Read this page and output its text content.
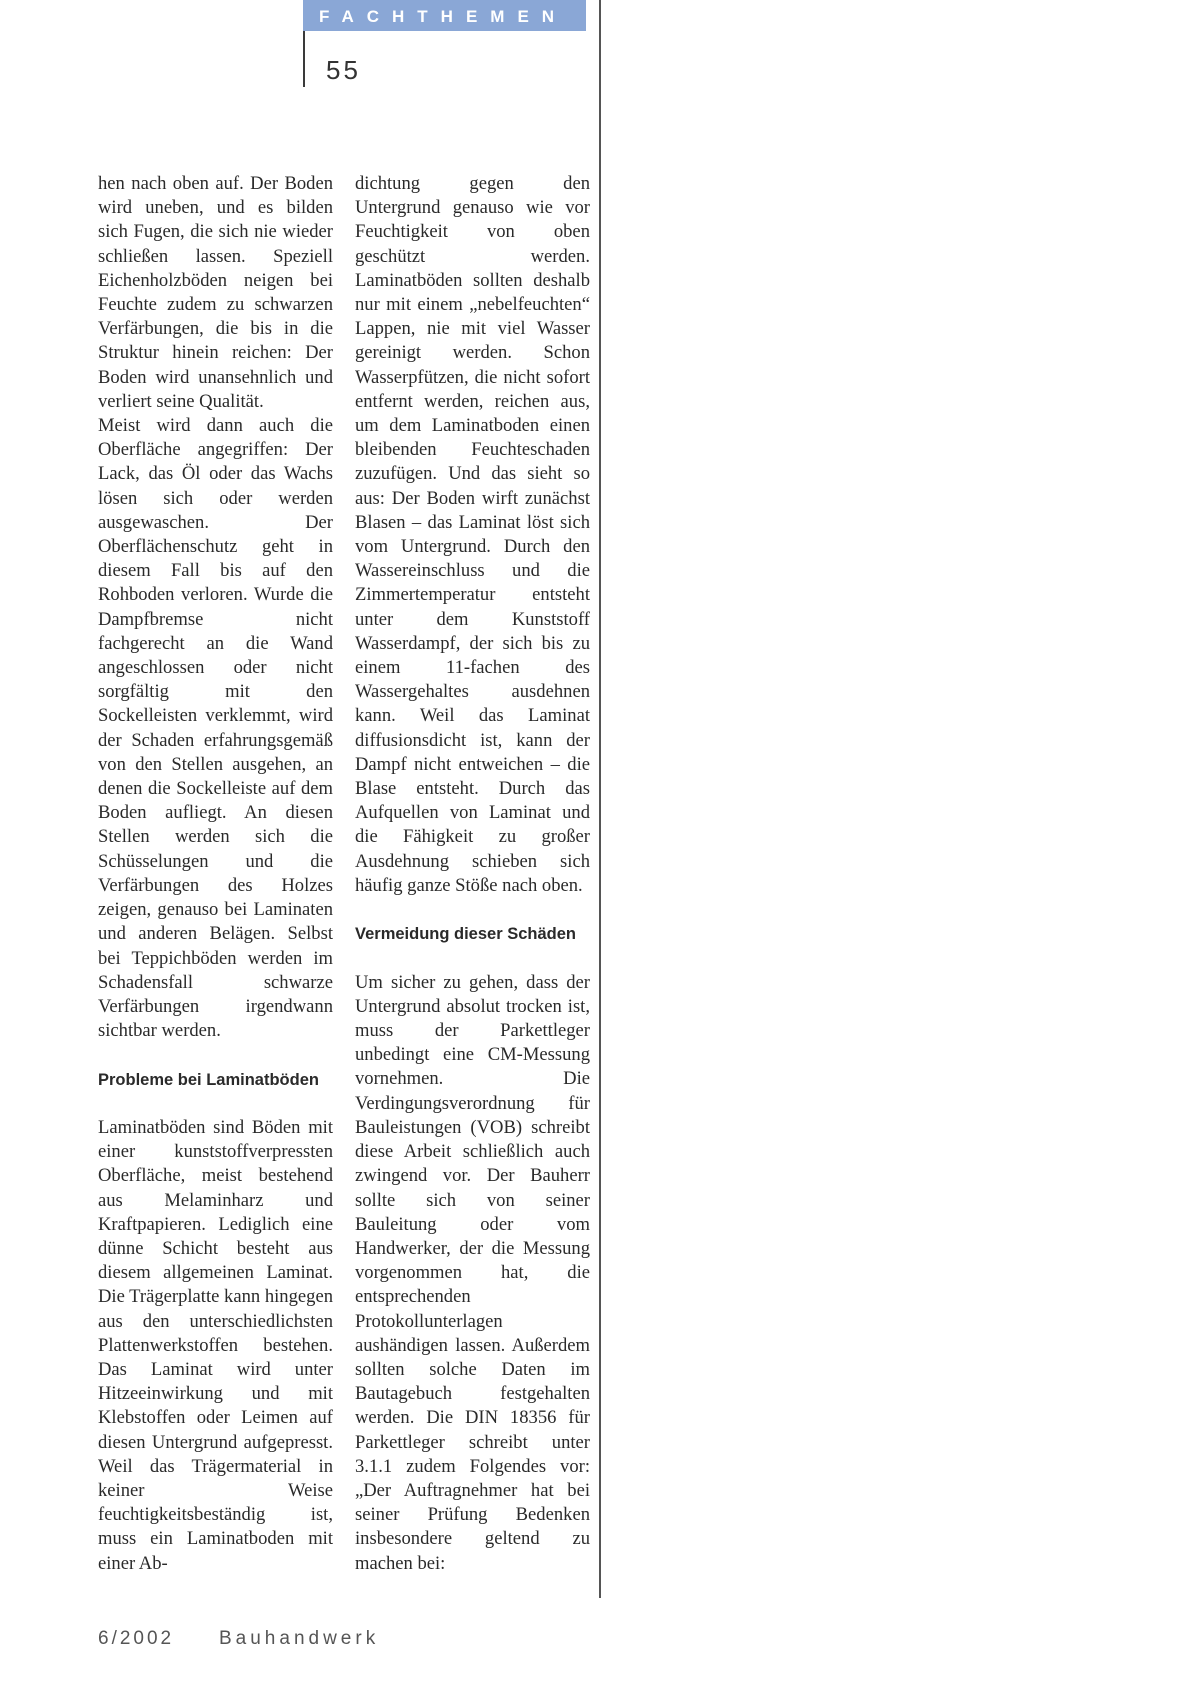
FACHTHEMEN
55

hen nach oben auf. Der Boden wird uneben, und es bilden sich Fugen, die sich nie wieder schließen lassen. Speziell Eichenholzböden neigen bei Feuchte zudem zu schwarzen Verfärbungen, die bis in die Struktur hinein reichen: Der Boden wird unansehnlich und verliert seine Qualität.

Meist wird dann auch die Oberfläche angegriffen: Der Lack, das Öl oder das Wachs lösen sich oder werden ausgewaschen. Der Oberflächenschutz geht in diesem Fall bis auf den Rohboden verloren. Wurde die Dampfbremse nicht fachgerecht an die Wand angeschlossen oder nicht sorgfältig mit den Sockelleisten verklemmt, wird der Schaden erfahrungsgemäß von den Stellen ausgehen, an denen die Sockelleiste auf dem Boden aufliegt. An diesen Stellen werden sich die Schüsselungen und die Verfärbungen des Holzes zeigen, genauso bei Laminaten und anderen Belägen. Selbst bei Teppichböden werden im Schadensfall schwarze Verfärbungen irgendwann sichtbar werden.

Probleme bei Laminatböden

Laminatböden sind Böden mit einer kunststoffverpressten Oberfläche, meist bestehend aus Melaminharz und Kraftpapieren. Lediglich eine dünne Schicht besteht aus diesem allgemeinen Laminat. Die Trägerplatte kann hingegen aus den unterschiedlichsten Plattenwerkstoffen bestehen. Das Laminat wird unter Hitzeeinwirkung und mit Klebstoffen oder Leimen auf diesen Untergrund aufgepresst. Weil das Trägermaterial in keiner Weise feuchtigkeitsbeständig ist, muss ein Laminatboden mit einer Ab-

dichtung gegen den Untergrund genauso wie vor Feuchtigkeit von oben geschützt werden. Laminatböden sollten deshalb nur mit einem „nebelfeuchten“ Lappen, nie mit viel Wasser gereinigt werden. Schon Wasserpfützen, die nicht sofort entfernt werden, reichen aus, um dem Laminatboden einen bleibenden Feuchteschaden zuzufügen. Und das sieht so aus: Der Boden wirft zunächst Blasen – das Laminat löst sich vom Untergrund. Durch den Wassereinschluss und die Zimmertemperatur entsteht unter dem Kunststoff Wasserdampf, der sich bis zu einem 11-fachen des Wassergehaltes ausdehnen kann. Weil das Laminat diffusionsdicht ist, kann der Dampf nicht entweichen – die Blase entsteht. Durch das Aufquellen von Laminat und die Fähigkeit zu großer Ausdehnung schieben sich häufig ganze Stöße nach oben.

Vermeidung dieser Schäden

Um sicher zu gehen, dass der Untergrund absolut trocken ist, muss der Parkettleger unbedingt eine CM-Messung vornehmen. Die Verdingungsverordnung für Bauleistungen (VOB) schreibt diese Arbeit schließlich auch zwingend vor. Der Bauherr sollte sich von seiner Bauleitung oder vom Handwerker, der die Messung vorgenommen hat, die entsprechenden Protokollunterlagen aushändigen lassen. Außerdem sollten solche Daten im Bautagebuch festgehalten werden. Die DIN 18356 für Parkettleger schreibt unter 3.1.1 zudem Folgendes vor: „Der Auftragnehmer hat bei seiner Prüfung Bedenken insbesondere geltend zu machen bei:

6/2002 Bauhandwerk
